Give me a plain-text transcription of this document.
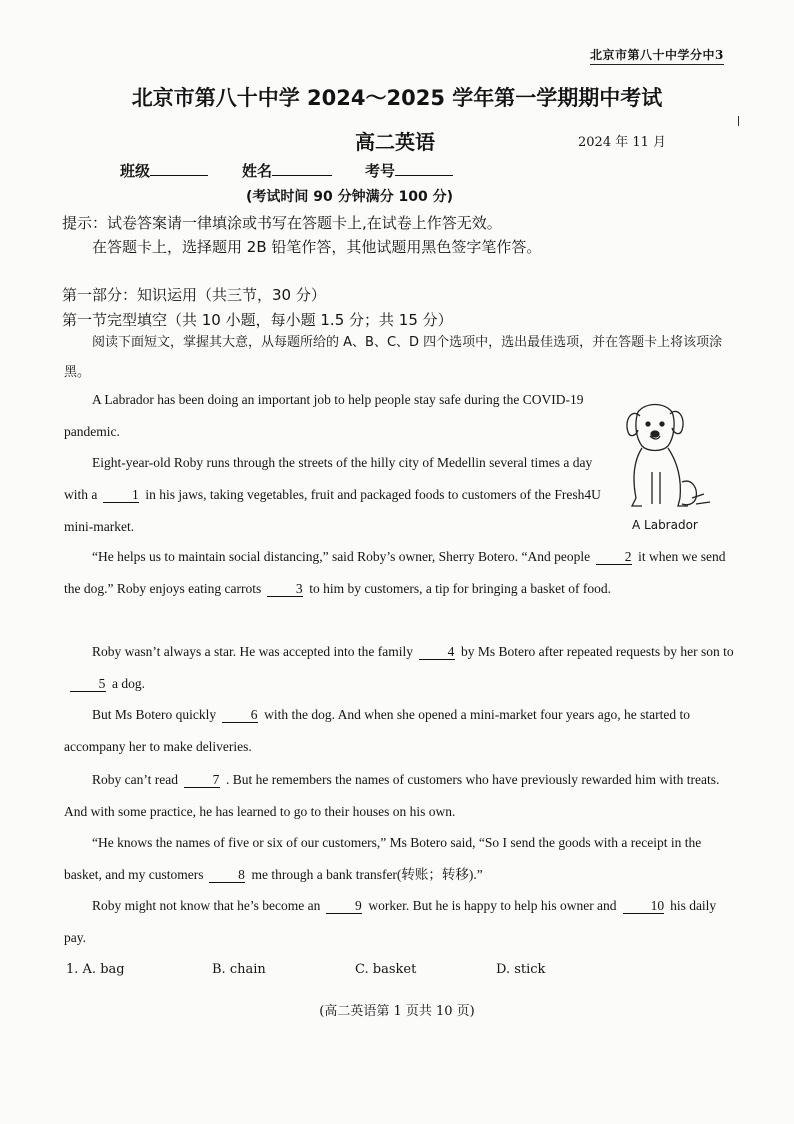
北京市第八十中学分中3
北京市第八十中学 2024～2025 学年第一学期期中考试
高二英语	2024 年 11 月
班级	姓名	考号
(考试时间 90 分钟满分 100 分)
提示：试卷答案请一律填涂或书写在答题卡上,在试卷上作答无效。
在答题卡上，选择题用 2B 铅笔作答，其他试题用黑色签字笔作答。
第一部分：知识运用（共三节，30 分）
第一节完型填空（共 10 小题，每小题 1.5 分；共 15 分）
阅读下面短文，掌握其大意，从每题所给的 A、B、C、D 四个选项中，选出最佳选项，并在答题卡上将该项涂黑。
A Labrador has been doing an important job to help people stay safe during the COVID-19 pandemic.
Eight-year-old Roby runs through the streets of the hilly city of Medellin several times a day with a	1 in his jaws, taking vegetables, fruit and packaged foods to customers of the Fresh4U mini-market.	A Labrador
“He helps us to maintain social distancing,” said Roby’s owner, Sherry Botero. “And people	2 it when we send the dog.” Roby enjoys eating carrots	3 to him by customers, a tip for bringing a basket of food.
Roby wasn’t always a star. He was accepted into the family	4 by Ms Botero after repeated requests by her son to5 a dog.
But Ms Botero quickly	6 with the dog. And when she opened a mini-market four years ago, he started to accompany her to make deliveries.
Roby can’t read	7 . But he remembers the names of customers who have previously rewarded him with treats. And with some practice, he has learned to go to their houses on his own.
“He knows the names of five or six of our customers,” Ms Botero said, “So I send the goods with a receipt in the basket, and my customers	8 me through a bank transfer(转账；转移).”
Roby might not know that he’s become an	9 worker. But he is happy to help his owner and	10 his daily pay.
1. A. bag	B. chain	C. basket	D. stick
(高二英语第 1 页共 10 页)
